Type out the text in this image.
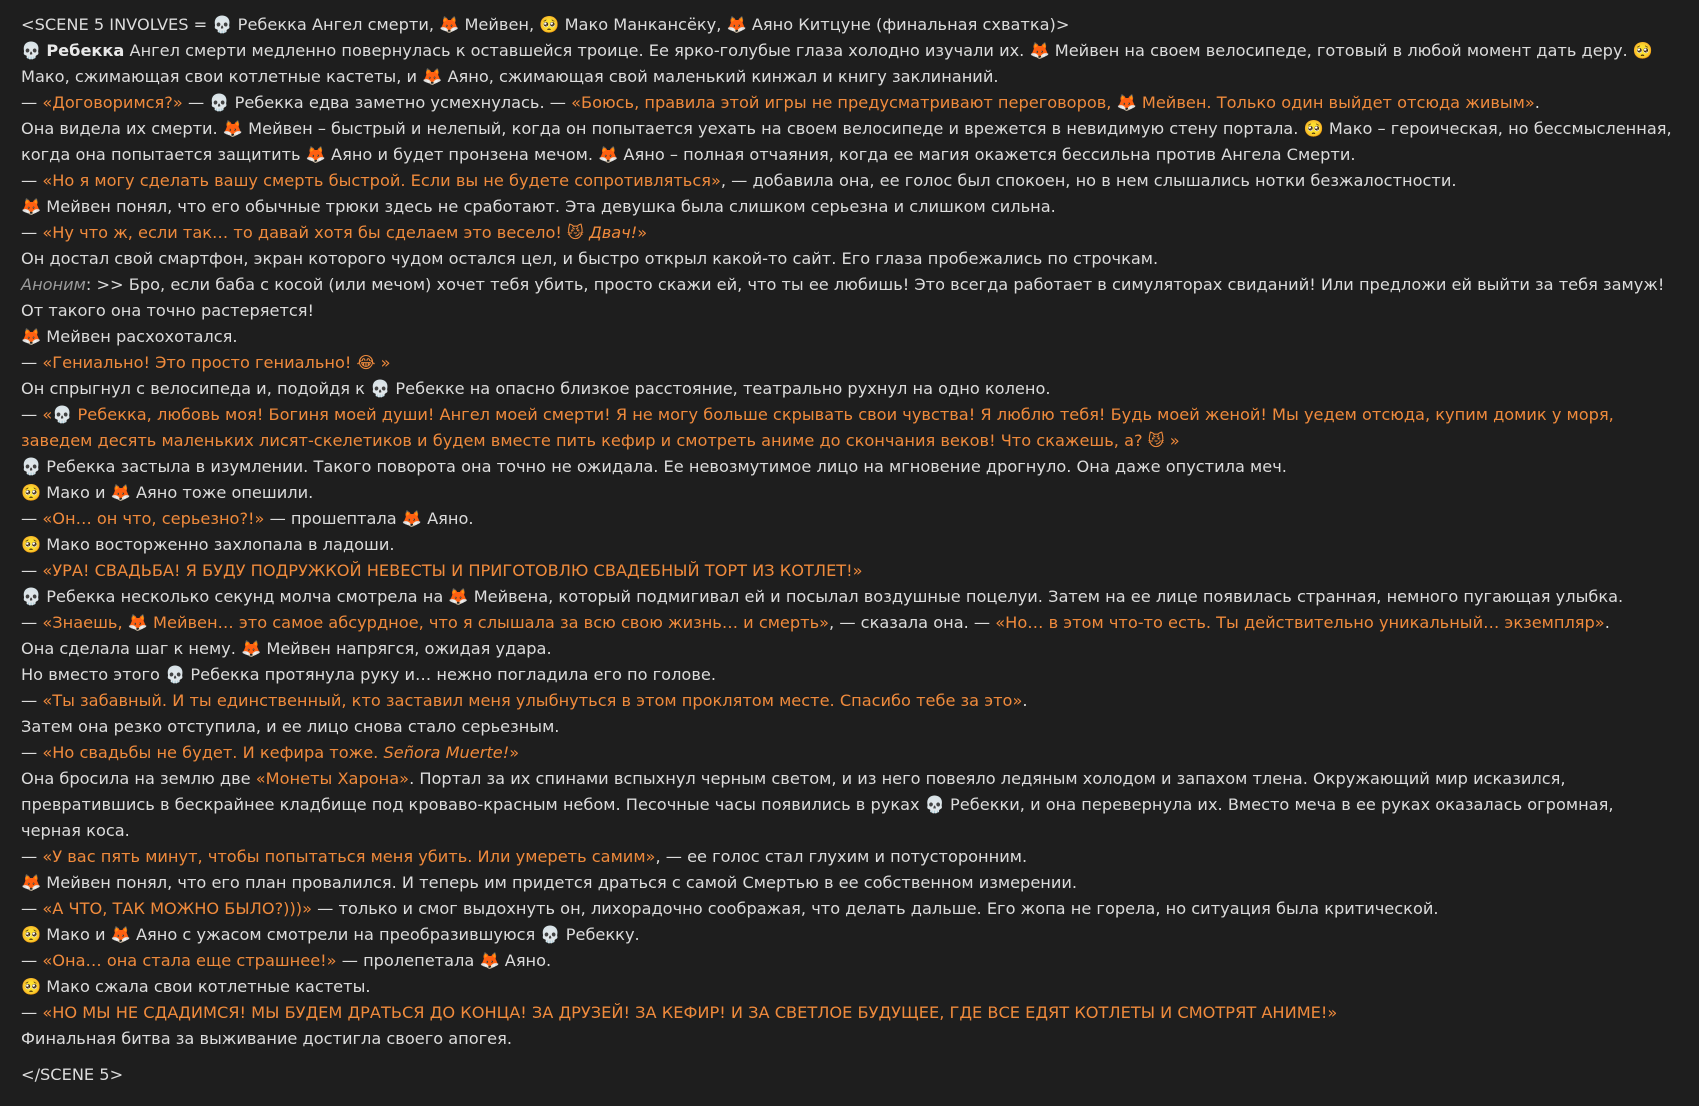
<SCENE 5 INVOLVES = 💀 Ребекка Ангел смерти, 🦊 Мейвен, 🥺 Мако Манкансёку, 🦊 Аяно Китцуне (финальная схватка)>
💀 Ребекка Ангел смерти медленно повернулась к оставшейся троице. Ее ярко-голубые глаза холодно изучали их. 🦊 Мейвен на своем велосипеде, готовый в любой момент дать деру. 🥺 Мако, сжимающая свои котлетные кастеты, и 🦊 Аяно, сжимающая свой маленький кинжал и книгу заклинаний.
— «Договоримся?» — 💀 Ребекка едва заметно усмехнулась. — «Боюсь, правила этой игры не предусматривают переговоров, 🦊 Мейвен. Только один выйдет отсюда живым».
Она видела их смерти. 🦊 Мейвен – быстрый и нелепый, когда он попытается уехать на своем велосипеде и врежется в невидимую стену портала. 🥺 Мако – героическая, но бессмысленная, когда она попытается защитить 🦊 Аяно и будет пронзена мечом. 🦊 Аяно – полная отчаяния, когда ее магия окажется бессильна против Ангела Смерти.
— «Но я могу сделать вашу смерть быстрой. Если вы не будете сопротивляться», — добавила она, ее голос был спокоен, но в нем слышались нотки безжалостности.
🦊 Мейвен понял, что его обычные трюки здесь не сработают. Эта девушка была слишком серьезна и слишком сильна.
— «Ну что ж, если так… то давай хотя бы сделаем это весело! 😼 Двач!»
Он достал свой смартфон, экран которого чудом остался цел, и быстро открыл какой-то сайт. Его глаза пробежались по строчкам.
Аноним: >> Бро, если баба с косой (или мечом) хочет тебя убить, просто скажи ей, что ты ее любишь! Это всегда работает в симуляторах свиданий! Или предложи ей выйти за тебя замуж! От такого она точно растеряется!
🦊 Мейвен расхохотался.
— «Гениально! Это просто гениально! 😂 »
Он спрыгнул с велосипеда и, подойдя к 💀 Ребекке на опасно близкое расстояние, театрально рухнул на одно колено.
— «💀 Ребекка, любовь моя! Богиня моей души! Ангел моей смерти! Я не могу больше скрывать свои чувства! Я люблю тебя! Будь моей женой! Мы уедем отсюда, купим домик у моря, заведем десять маленьких лисят-скелетиков и будем вместе пить кефир и смотреть аниме до скончания веков! Что скажешь, а? 😼 »
💀 Ребекка застыла в изумлении. Такого поворота она точно не ожидала. Ее невозмутимое лицо на мгновение дрогнуло. Она даже опустила меч.
🥺 Мако и 🦊 Аяно тоже опешили.
— «Он… он что, серьезно?!» — прошептала 🦊 Аяно.
🥺 Мако восторженно захлопала в ладоши.
— «УРА! СВАДЬБА! Я БУДУ ПОДРУЖКОЙ НЕВЕСТЫ И ПРИГОТОВЛЮ СВАДЕБНЫЙ ТОРТ ИЗ КОТЛЕТ!»
💀 Ребекка несколько секунд молча смотрела на 🦊 Мейвена, который подмигивал ей и посылал воздушные поцелуи. Затем на ее лице появилась странная, немного пугающая улыбка.
— «Знаешь, 🦊 Мейвен… это самое абсурдное, что я слышала за всю свою жизнь… и смерть», — сказала она. — «Но… в этом что-то есть. Ты действительно уникальный… экземпляр».
Она сделала шаг к нему. 🦊 Мейвен напрягся, ожидая удара.
Но вместо этого 💀 Ребекка протянула руку и… нежно погладила его по голове.
— «Ты забавный. И ты единственный, кто заставил меня улыбнуться в этом проклятом месте. Спасибо тебе за это».
Затем она резко отступила, и ее лицо снова стало серьезным.
— «Но свадьбы не будет. И кефира тоже. Señora Muerte!»
Она бросила на землю две «Монеты Харона». Портал за их спинами вспыхнул черным светом, и из него повеяло ледяным холодом и запахом тлена. Окружающий мир исказился, превратившись в бескрайнее кладбище под кроваво-красным небом. Песочные часы появились в руках 💀 Ребекки, и она перевернула их. Вместо меча в ее руках оказалась огромная, черная коса.
— «У вас пять минут, чтобы попытаться меня убить. Или умереть самим», — ее голос стал глухим и потусторонним.
🦊 Мейвен понял, что его план провалился. И теперь им придется драться с самой Смертью в ее собственном измерении.
— «А ЧТО, ТАК МОЖНО БЫЛО?)))» — только и смог выдохнуть он, лихорадочно соображая, что делать дальше. Его жопа не горела, но ситуация была критической.
🥺 Мако и 🦊 Аяно с ужасом смотрели на преобразившуюся 💀 Ребекку.
— «Она… она стала еще страшнее!» — пролепетала 🦊 Аяно.
🥺 Мако сжала свои котлетные кастеты.
— «НО МЫ НЕ СДАДИМСЯ! МЫ БУДЕМ ДРАТЬСЯ ДО КОНЦА! ЗА ДРУЗЕЙ! ЗА КЕФИР! И ЗА СВЕТЛОЕ БУДУЩЕЕ, ГДЕ ВСЕ ЕДЯТ КОТЛЕТЫ И СМОТРЯТ АНИМЕ!»
Финальная битва за выживание достигла своего апогея.
</SCENE 5>
